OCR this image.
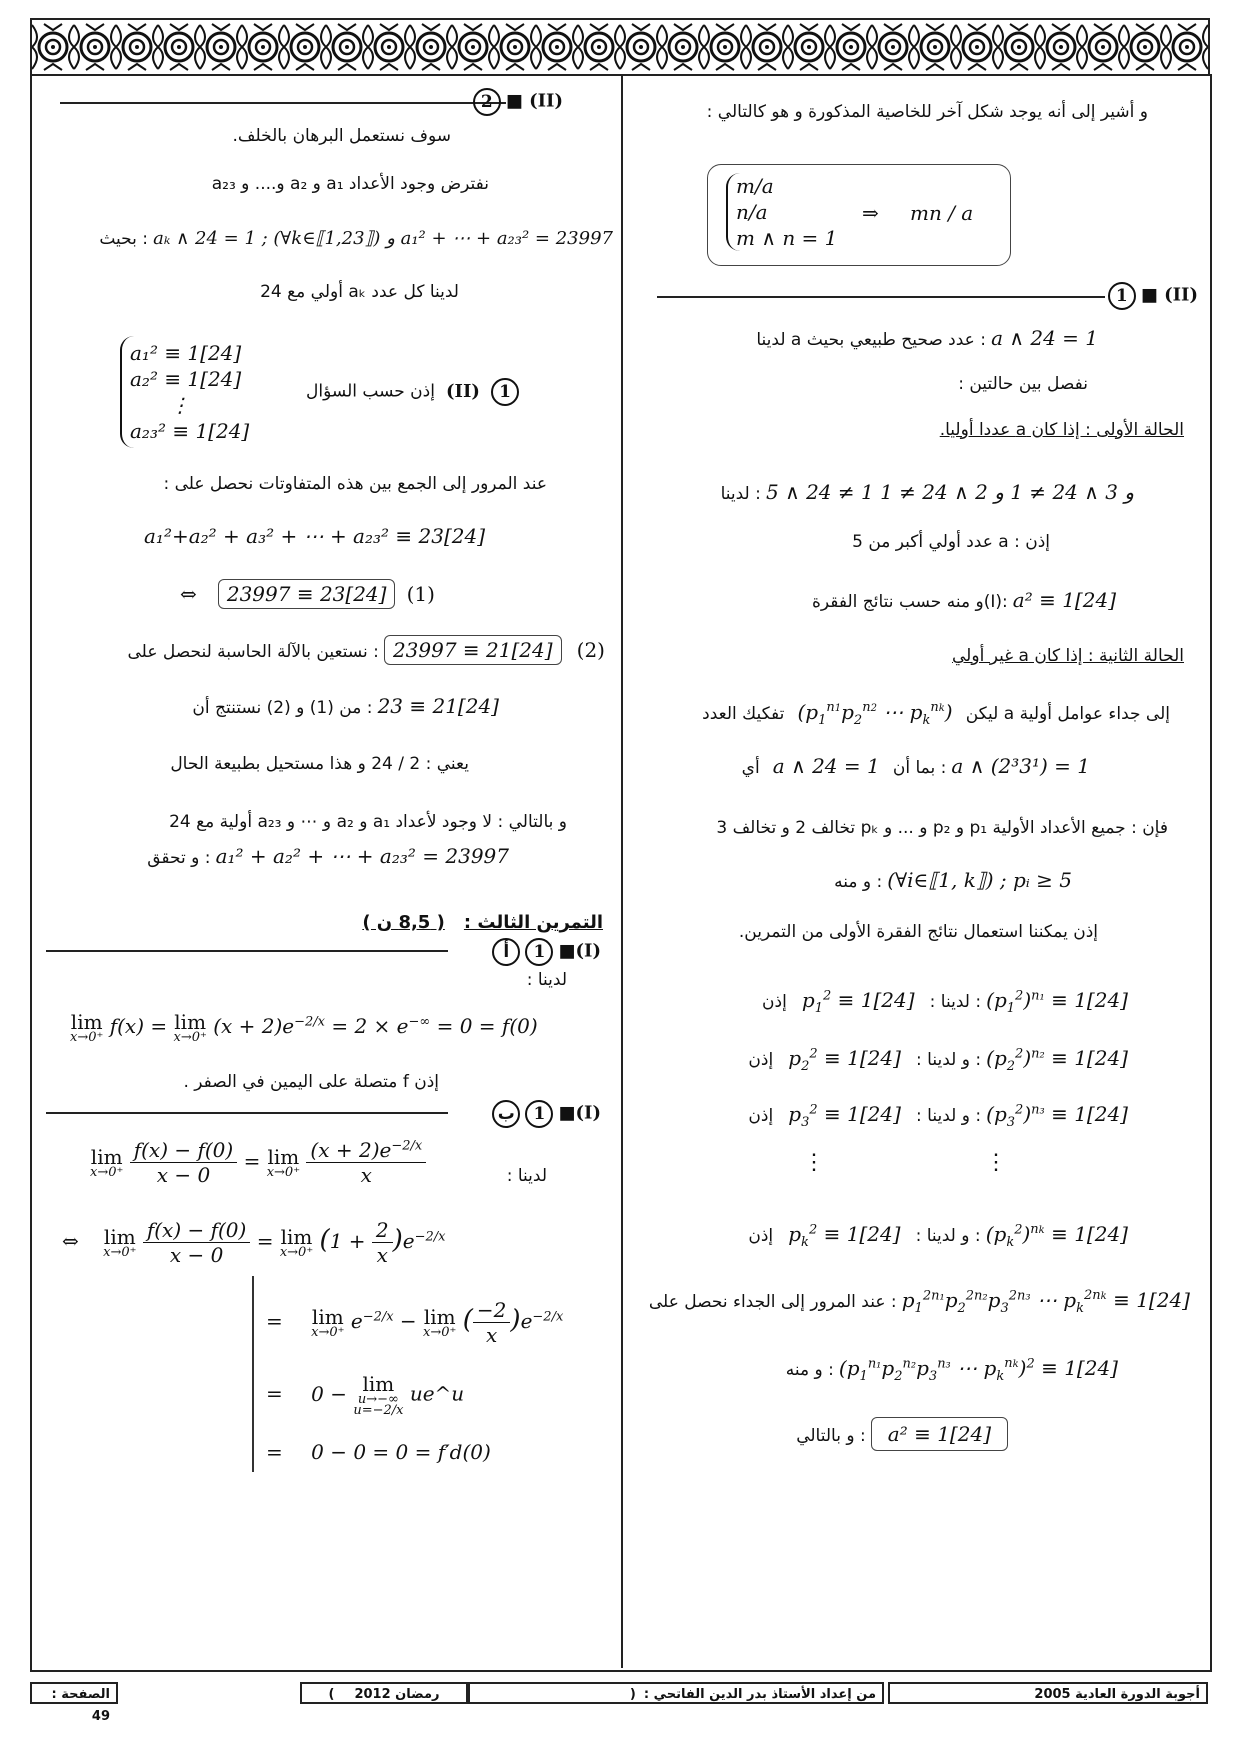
و أشير إلى أنه يوجد شكل آخر للخاصية المذكورة و هو كالتالي :
m/a
n/a
m ∧ n = 1
⇒ mn / a
1 ■ (II)
لدينا a عدد صحيح طبيعي بحيث : a ∧ 24 = 1
نفصل بين حالتين :
الحالة الأولى : إذا كان a عددا أوليا.
لدينا : 5 ∧ 24 ≠ 1 و 3 ∧ 24 ≠ 1 و 2 ∧ 24 ≠ 1
إذن : a عدد أولي أكبر من 5
و منه حسب نتائج الفقرة(I): a² ≡ 1[24]
الحالة الثانية : إذا كان a غير أولي
ليكن ($p_1^{n1}p_2^{n2}$ ⋯ $p_k^{nk}$) تفكيك العدد a إلى جداء عوامل أولية
بما أن a ∧ 24 = 1 أي : a ∧ (2³3¹) = 1
فإن : جميع الأعداد الأولية p₁ و p₂ و ... و pₖ تخالف 2 و تخالف 3
و منه : (∀i∈⟦1, k⟧) ; pᵢ ≥ 5
إذن يمكننا استعمال نتائج الفقرة الأولى من التمرين.
لدينا : $p_1^2 \equiv 1[24]$ إذن : $(p_1^2)^{n_1} \equiv 1[24]$
و لدينا : $p_2^2 \equiv 1[24]$ إذن : $(p_2^2)^{n_2} \equiv 1[24]$
و لدينا : $p_3^2 \equiv 1[24]$ إذن : $(p_3^2)^{n_3} \equiv 1[24]$
⋮	⋮
و لدينا : $p_k^2 \equiv 1[24]$ إذن : $(p_k^2)^{nk} \equiv 1[24]$
عند المرور إلى الجداء نحصل على : $p_1^{2n_1}p_2^{2n_2}p_3^{2n_3}$ ⋯ $p_k^{2nk} \equiv 1[24]$
و منه : ($p_1^{n_1}p_2^{n_2}p_3^{n_3}$ ⋯ $p_k^{nk})^2 \equiv 1[24]$
و بالتالي : a² ≡ 1[24]
2 ■ (II)
سوف نستعمل البرهان بالخلف.
نفترض وجود الأعداد a₁ و a₂ و.... و a₂₃
بحيث : aₖ ∧ 24 = 1 ; (∀k∈⟦1,23⟧) و a₁² + ⋯ + a₂₃² = 23997
لدينا كل عدد aₖ أولي مع 24
إذن حسب السؤال (II) 1
a₁² ≡ 1[24]
a₂² ≡ 1[24]
⋮
a₂₃² ≡ 1[24]
عند المرور إلى الجمع بين هذه المتفاوتات نحصل على :
a₁²+a₂² + a₃² + ⋯ + a₂₃² ≡ 23[24]
⇔ 23997 ≡ 23[24] (1)
نستعين بالآلة الحاسبة لنحصل على : 23997 ≡ 21[24] (2)
من (1) و (2) نستنتج أن : 23 ≡ 21[24]
يعني : 2 / 24 و هذا مستحيل بطبيعة الحال
و بالتالي : لا وجود لأعداد a₁ و a₂ و ⋯ و a₂₃ أولية مع 24
و تحقق : a₁² + a₂² + ⋯ + a₂₃² = 23997
التمرين الثالث : ( 8,5 ن )
أ 1 ■(I)
لدينا :
lim
x→0⁺ f(x) = lim
x→0⁺ $(x + 2)e^{-2/x} = 2 \times e^{-\infty} = 0 = f(0)$
إذن f متصلة على اليمين في الصفر .
ب 1 ■(I)
lim
x→0⁺
$\frac{f(x) - f(0)}{x - 0} = \lim$
x→0⁺
$\frac{(x + 2)e^{-2/x}}{x}$	لدينا :
⇔ lim
x→0⁺
$\frac{f(x) - f(0)}{x - 0} = \lim$
x→0⁺ $(1 + \frac{2}{x} )e^{-2/x}$
= lim
x→0⁺ $e^{-2/x} - \lim$
x→0⁺ ( $\frac{-2}{x} )e^{-2/x}$
= 0 − lim
u→−∞
u=−2/x
ue^u
= 0 − 0 = 0 = f′d(0)
الصفحة : 49
رمضان 2012)	من إعداد الأستاذ بدر الدين الفاتحي :(	أجوبة الدورة العادية 2005
